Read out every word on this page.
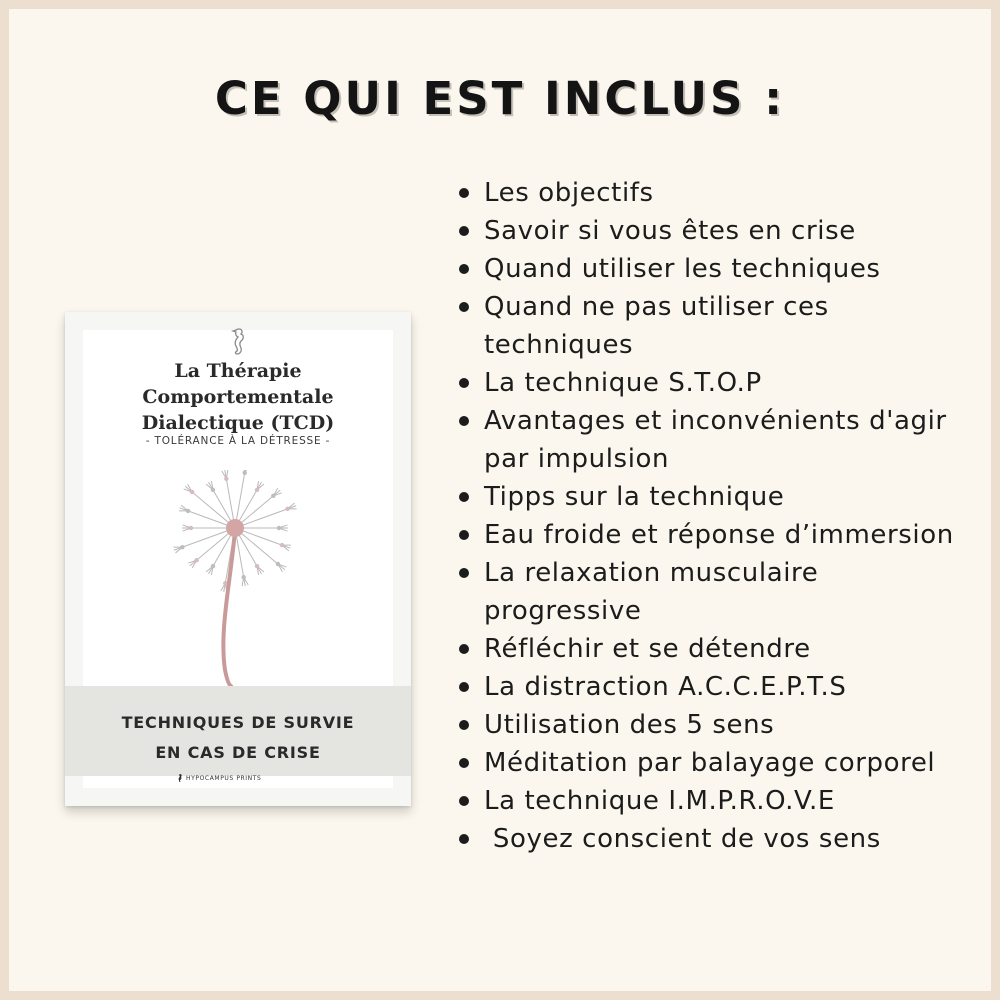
CE QUI EST INCLUS :
La Thérapie
Comportementale
Dialectique (TCD)
- TOLÉRANCE À LA DÉTRESSE -
TECHNIQUES DE SURVIE
EN CAS DE CRISE
HYPOCAMPUS PRINTS
Les objectifs
Savoir si vous êtes en crise
Quand utiliser les techniques
Quand ne pas utiliser ces techniques
La technique S.T.O.P
Avantages et inconvénients d'agir par impulsion
Tipps sur la technique
Eau froide et réponse d’immersion
La relaxation musculaire progressive
Réfléchir et se détendre
La distraction A.C.C.E.P.T.S
Utilisation des 5 sens
Méditation par balayage corporel
La technique I.M.P.R.O.V.E
Soyez conscient de vos sens
